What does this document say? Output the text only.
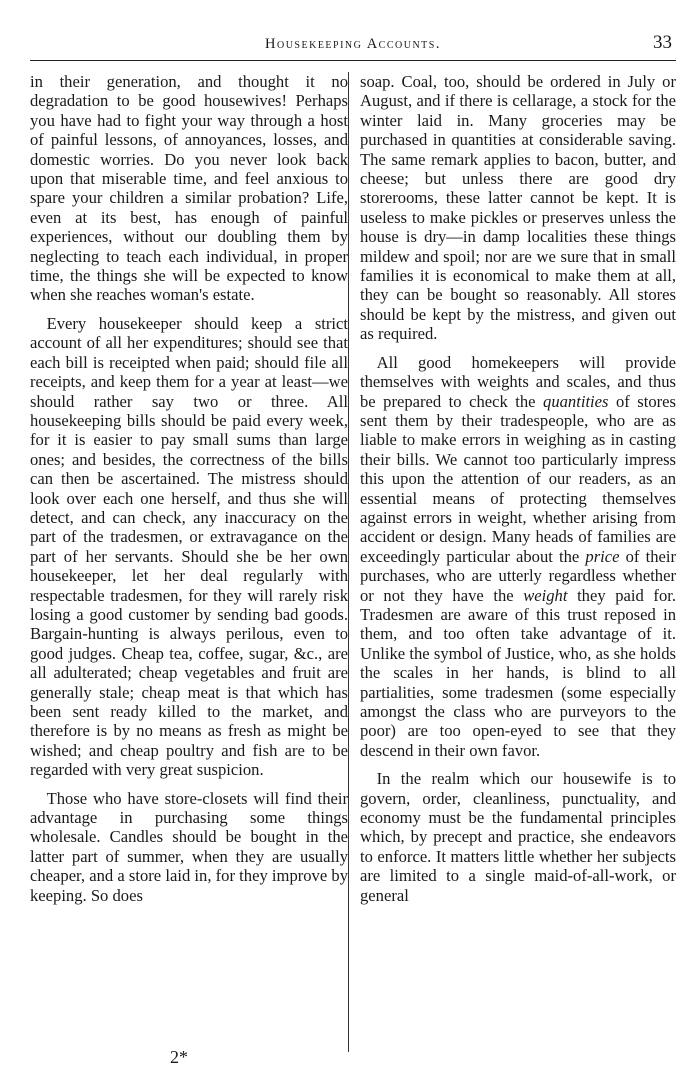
Housekeeping Accounts.	33

in their generation, and thought it no degradation to be good housewives! Perhaps you have had to fight your way through a host of painful lessons, of annoyances, losses, and domestic worries. Do you never look back upon that miserable time, and feel anxious to spare your children a similar probation? Life, even at its best, has enough of painful experiences, without our doubling them by neglecting to teach each individual, in proper time, the things she will be expected to know when she reaches woman's estate.

Every housekeeper should keep a strict account of all her expenditures; should see that each bill is receipted when paid; should file all receipts, and keep them for a year at least—we should rather say two or three. All housekeeping bills should be paid every week, for it is easier to pay small sums than large ones; and besides, the correctness of the bills can then be ascertained. The mistress should look over each one herself, and thus she will detect, and can check, any inaccuracy on the part of the tradesmen, or extravagance on the part of her servants. Should she be her own housekeeper, let her deal regularly with respectable tradesmen, for they will rarely risk losing a good customer by sending bad goods. Bargain-hunting is always perilous, even to good judges. Cheap tea, coffee, sugar, &c., are all adulterated; cheap vegetables and fruit are generally stale; cheap meat is that which has been sent ready killed to the market, and therefore is by no means as fresh as might be wished; and cheap poultry and fish are to be regarded with very great suspicion.

Those who have store-closets will find their advantage in purchasing some things wholesale. Candles should be bought in the latter part of summer, when they are usually cheaper, and a store laid in, for they improve by keeping. So does

soap. Coal, too, should be ordered in July or August, and if there is cellarage, a stock for the winter laid in. Many groceries may be purchased in quantities at considerable saving. The same remark applies to bacon, butter, and cheese; but unless there are good dry storerooms, these latter cannot be kept. It is useless to make pickles or preserves unless the house is dry—in damp localities these things mildew and spoil; nor are we sure that in small families it is economical to make them at all, they can be bought so reasonably. All stores should be kept by the mistress, and given out as required.

All good homekeepers will provide themselves with weights and scales, and thus be prepared to check the quantities of stores sent them by their tradespeople, who are as liable to make errors in weighing as in casting their bills. We cannot too particularly impress this upon the attention of our readers, as an essential means of protecting themselves against errors in weight, whether arising from accident or design. Many heads of families are exceedingly particular about the price of their purchases, who are utterly regardless whether or not they have the weight they paid for. Tradesmen are aware of this trust reposed in them, and too often take advantage of it. Unlike the symbol of Justice, who, as she holds the scales in her hands, is blind to all partialities, some tradesmen (some especially amongst the class who are purveyors to the poor) are too open-eyed to see that they descend in their own favor.

In the realm which our housewife is to govern, order, cleanliness, punctuality, and economy must be the fundamental principles which, by precept and practice, she endeavors to enforce. It matters little whether her subjects are limited to a single maid-of-all-work, or general

2*
